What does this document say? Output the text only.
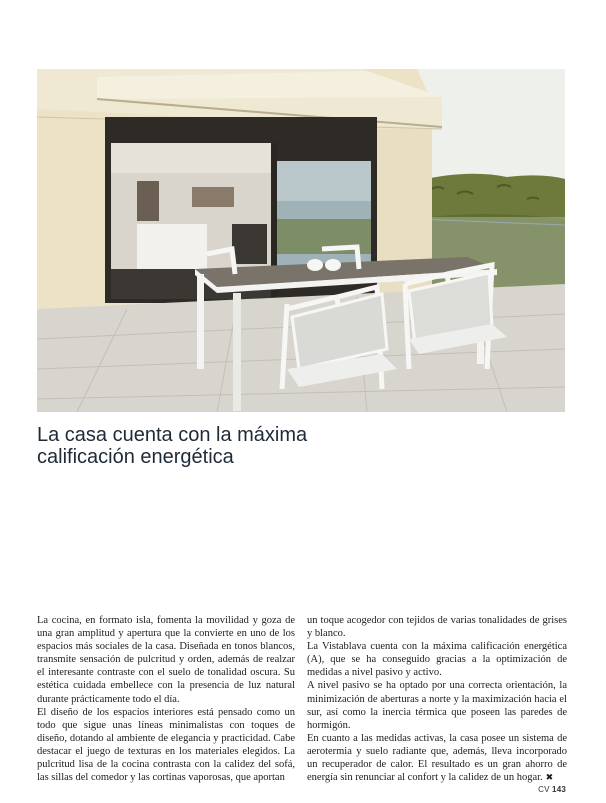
La casa cuenta con la máxima
calificación energética

La cocina, en formato isla, fomenta la movilidad y goza de una gran amplitud y apertura que la convierte en uno de los espacios más sociales de la casa. Diseñada en tonos blancos, transmite sensación de pulcritud y orden, además de realzar el interesante contraste con el suelo de tonalidad oscura. Su estética cuidada embellece con la presencia de luz natural durante prácticamente todo el día.

El diseño de los espacios interiores está pensado como un todo que sigue unas líneas minimalistas con toques de diseño, dotando al ambiente de elegancia y practicidad. Cabe destacar el juego de texturas en los materiales elegidos. La pulcritud lisa de la cocina contrasta con la calidez del sofá, las sillas del comedor y las cortinas vaporosas, que aportan

un toque acogedor con tejidos de varias tonalidades de grises y blanco.

La Vistablava cuenta con la máxima calificación energética (A), que se ha conseguido gracias a la optimización de medidas a nivel pasivo y activo.

A nivel pasivo se ha optado por una correcta orientación, la minimización de aberturas a norte y la maximización hacia el sur, así como la inercia térmica que poseen las paredes de hormigón.

En cuanto a las medidas activas, la casa posee un sistema de aerotermia y suelo radiante que, además, lleva incorporado un recuperador de calor. El resultado es un gran ahorro de energía sin renunciar al confort y la calidez de un hogar. ✖

CV 143
